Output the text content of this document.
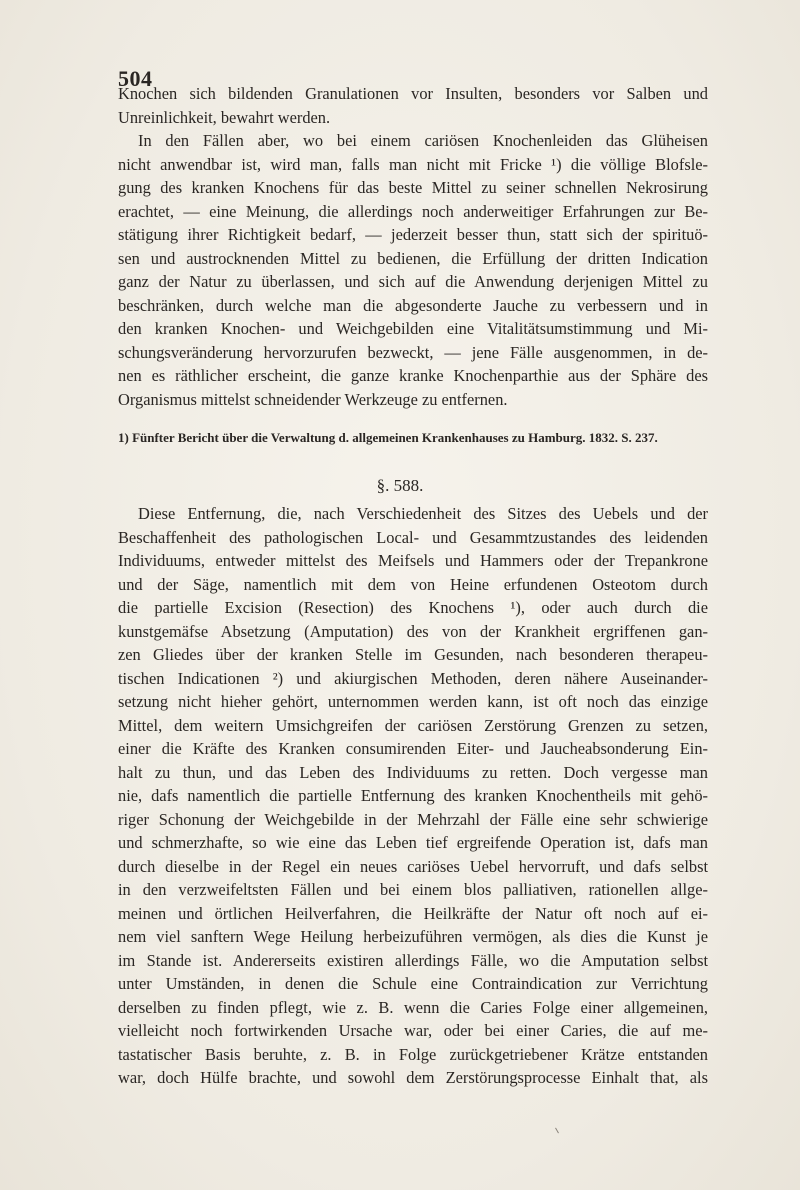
504
Knochen sich bildenden Granulationen vor Insulten, besonders vor Salben und
Unreinlichkeit, bewahrt werden.
In den Fällen aber, wo bei einem cariösen Knochenleiden das Glüheisen
nicht anwendbar ist, wird man, falls man nicht mit Fricke ¹) die völlige Blofsle-
gung des kranken Knochens für das beste Mittel zu seiner schnellen Nekrosirung
erachtet, — eine Meinung, die allerdings noch anderweitiger Erfahrungen zur Be-
stätigung ihrer Richtigkeit bedarf, — jederzeit besser thun, statt sich der spirituö-
sen und austrocknenden Mittel zu bedienen, die Erfüllung der dritten Indication
ganz der Natur zu überlassen, und sich auf die Anwendung derjenigen Mittel zu
beschränken, durch welche man die abgesonderte Jauche zu verbessern und in
den kranken Knochen- und Weichgebilden eine Vitalitätsumstimmung und Mi-
schungsveränderung hervorzurufen bezweckt, — jene Fälle ausgenommen, in de-
nen es räthlicher erscheint, die ganze kranke Knochenparthie aus der Sphäre des
Organismus mittelst schneidender Werkzeuge zu entfernen.
1) Fünfter Bericht über die Verwaltung d. allgemeinen Krankenhauses zu Hamburg. 1832. S. 237.
§. 588.
Diese Entfernung, die, nach Verschiedenheit des Sitzes des Uebels und der
Beschaffenheit des pathologischen Local- und Gesammtzustandes des leidenden
Individuums, entweder mittelst des Meifsels und Hammers oder der Trepankrone
und der Säge, namentlich mit dem von Heine erfundenen Osteotom durch
die partielle Excision (Resection) des Knochens ¹), oder auch durch die
kunstgemäfse Absetzung (Amputation) des von der Krankheit ergriffenen gan-
zen Gliedes über der kranken Stelle im Gesunden, nach besonderen therapeu-
tischen Indicationen ²) und akiurgischen Methoden, deren nähere Auseinander-
setzung nicht hieher gehört, unternommen werden kann, ist oft noch das einzige
Mittel, dem weitern Umsichgreifen der cariösen Zerstörung Grenzen zu setzen,
einer die Kräfte des Kranken consumirenden Eiter- und Jaucheabsonderung Ein-
halt zu thun, und das Leben des Individuums zu retten. Doch vergesse man
nie, dafs namentlich die partielle Entfernung des kranken Knochentheils mit gehö-
riger Schonung der Weichgebilde in der Mehrzahl der Fälle eine sehr schwierige
und schmerzhafte, so wie eine das Leben tief ergreifende Operation ist, dafs man
durch dieselbe in der Regel ein neues cariöses Uebel hervorruft, und dafs selbst
in den verzweifeltsten Fällen und bei einem blos palliativen, rationellen allge-
meinen und örtlichen Heilverfahren, die Heilkräfte der Natur oft noch auf ei-
nem viel sanftern Wege Heilung herbeizuführen vermögen, als dies die Kunst je
im Stande ist. Andererseits existiren allerdings Fälle, wo die Amputation selbst
unter Umständen, in denen die Schule eine Contraindication zur Verrichtung
derselben zu finden pflegt, wie z. B. wenn die Caries Folge einer allgemeinen,
vielleicht noch fortwirkenden Ursache war, oder bei einer Caries, die auf me-
tastatischer Basis beruhte, z. B. in Folge zurückgetriebener Krätze entstanden
war, doch Hülfe brachte, und sowohl dem Zerstörungsprocesse Einhalt that, als
